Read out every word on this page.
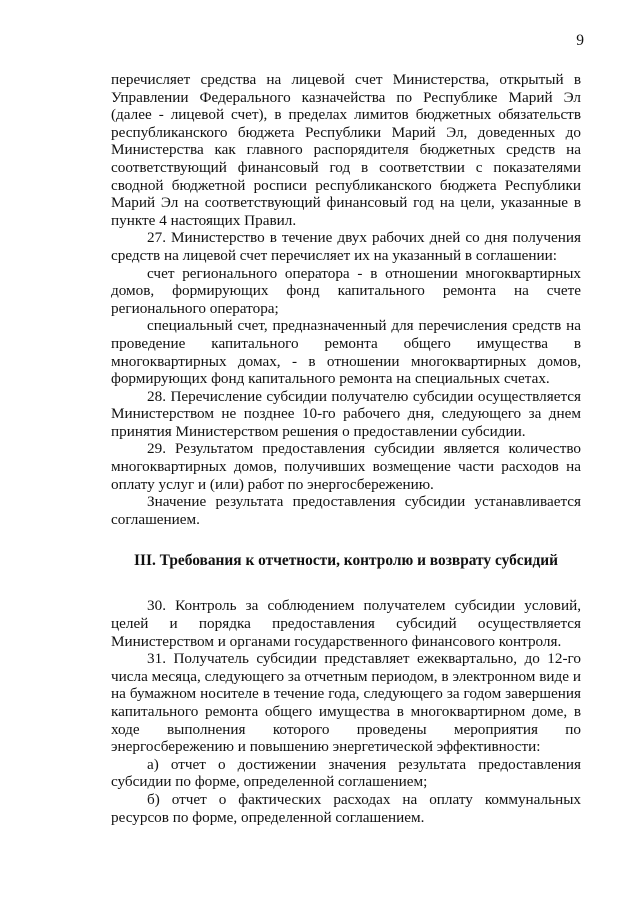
9

перечисляет средства на лицевой счет Министерства, открытый в Управлении Федерального казначейства по Республике Марий Эл (далее - лицевой счет), в пределах лимитов бюджетных обязательств республиканского бюджета Республики Марий Эл, доведенных до Министерства как главного распорядителя бюджетных средств на соответствующий финансовый год в соответствии с показателями сводной бюджетной росписи республиканского бюджета Республики Марий Эл на соответствующий финансовый год на цели, указанные в пункте 4 настоящих Правил.

27. Министерство в течение двух рабочих дней со дня получения средств на лицевой счет перечисляет их на указанный в соглашении:

счет регионального оператора - в отношении многоквартирных домов, формирующих фонд капитального ремонта на счете регионального оператора;

специальный счет, предназначенный для перечисления средств на проведение капитального ремонта общего имущества в многоквартирных домах, - в отношении многоквартирных домов, формирующих фонд капитального ремонта на специальных счетах.

28. Перечисление субсидии получателю субсидии осуществляется Министерством не позднее 10-го рабочего дня, следующего за днем принятия Министерством решения о предоставлении субсидии.

29. Результатом предоставления субсидии является количество многоквартирных домов, получивших возмещение части расходов на оплату услуг и (или) работ по энергосбережению.

Значение результата предоставления субсидии устанавливается соглашением.

III. Требования к отчетности, контролю и возврату субсидий

30. Контроль за соблюдением получателем субсидии условий, целей и порядка предоставления субсидий осуществляется Министерством и органами государственного финансового контроля.

31. Получатель субсидии представляет ежеквартально, до 12-го числа месяца, следующего за отчетным периодом, в электронном виде и на бумажном носителе в течение года, следующего за годом завершения капитального ремонта общего имущества в многоквартирном доме, в ходе выполнения которого проведены мероприятия по энергосбережению и повышению энергетической эффективности:

а) отчет о достижении значения результата предоставления субсидии по форме, определенной соглашением;

б) отчет о фактических расходах на оплату коммунальных ресурсов по форме, определенной соглашением.
